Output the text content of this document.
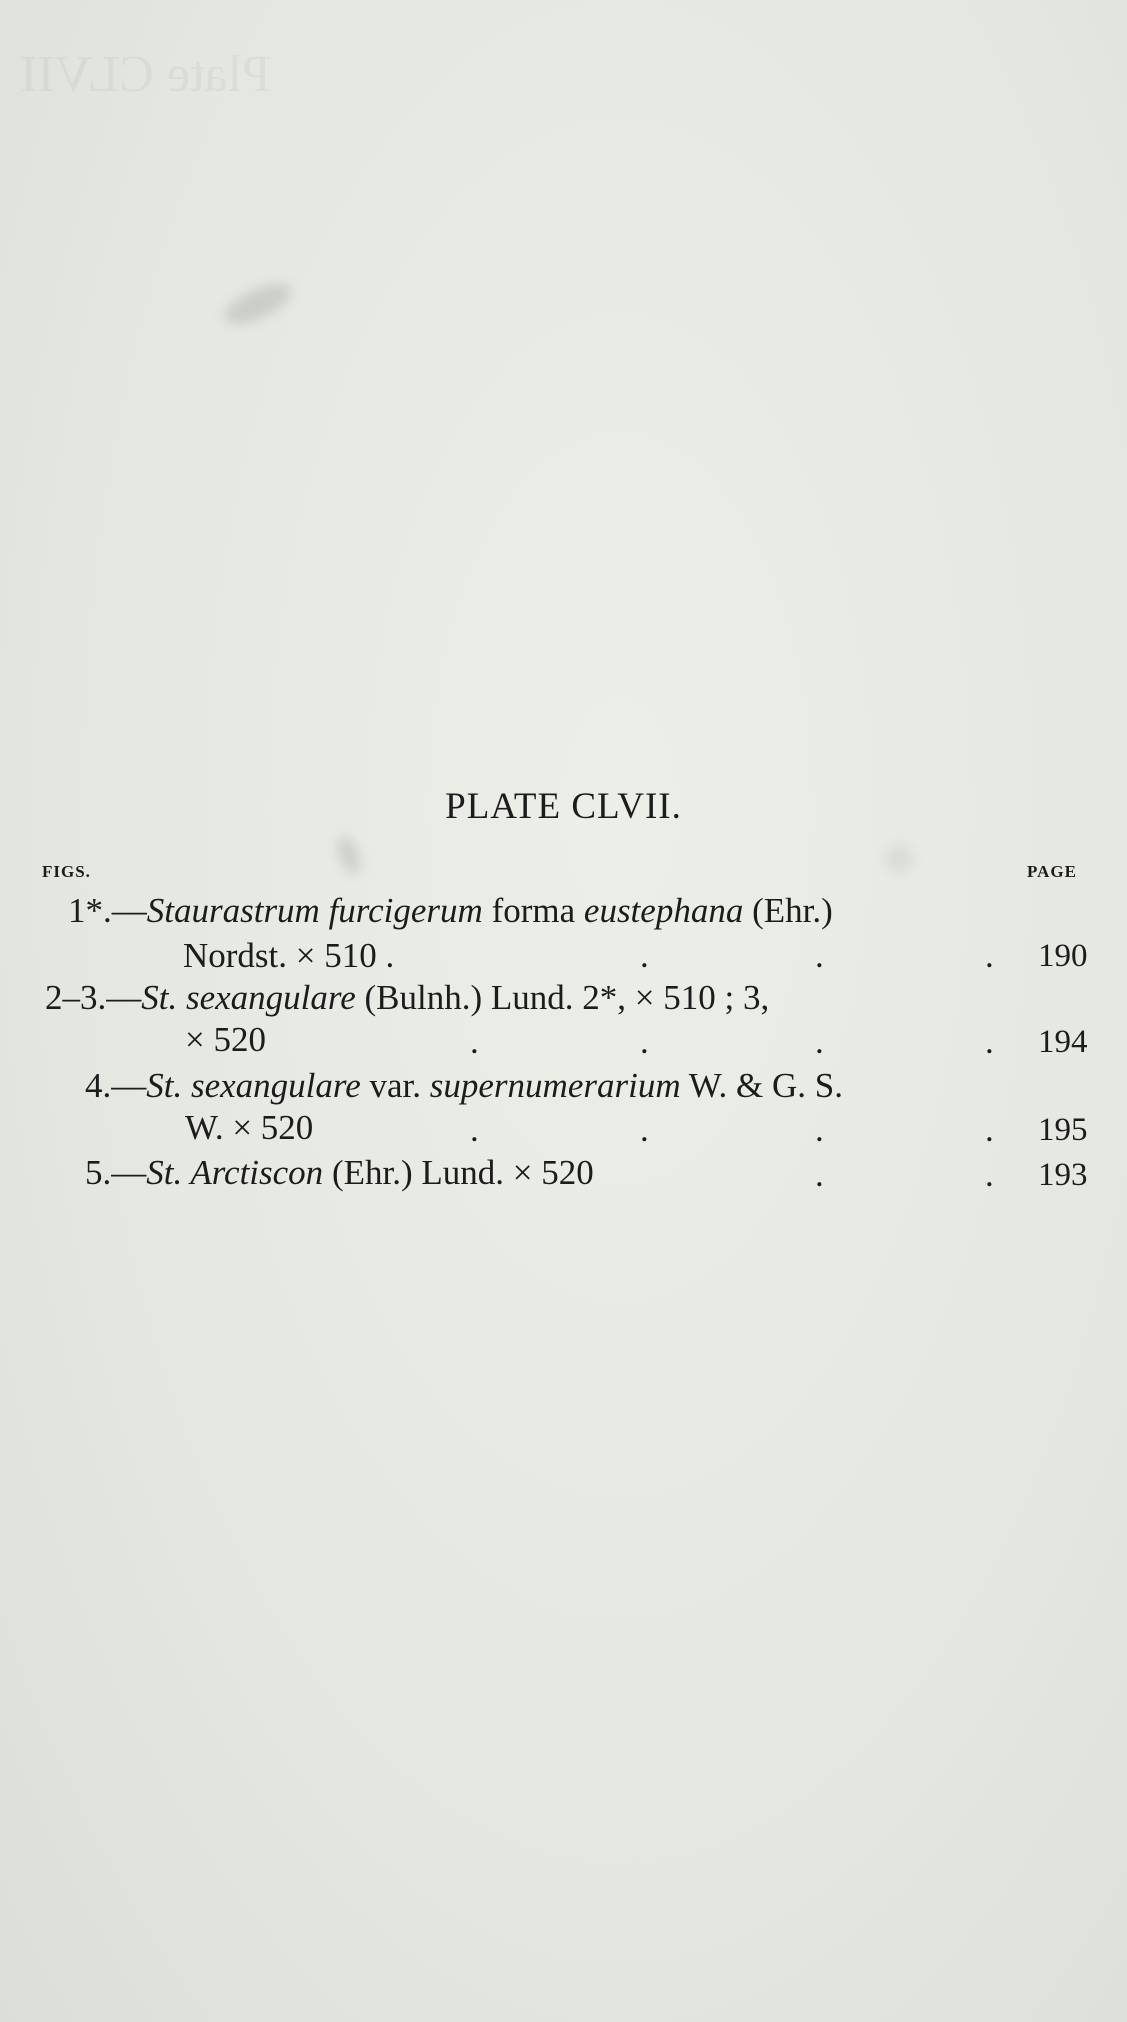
Plate CLVII
PLATE CLVII.
FIGS.	PAGE
1*.—Staurastrum furcigerum forma eustephana (Ehr.)
Nordst. × 510 .	.	.	. 190
2–3.—St. sexangulare (Bulnh.) Lund. 2*, × 510 ; 3,
× 520	.	.	.	. 194
4.—St. sexangulare var. supernumerarium W. & G. S.
W. × 520	.	.	.	. 195
5.—St. Arctiscon (Ehr.) Lund. × 520	.	. 193
